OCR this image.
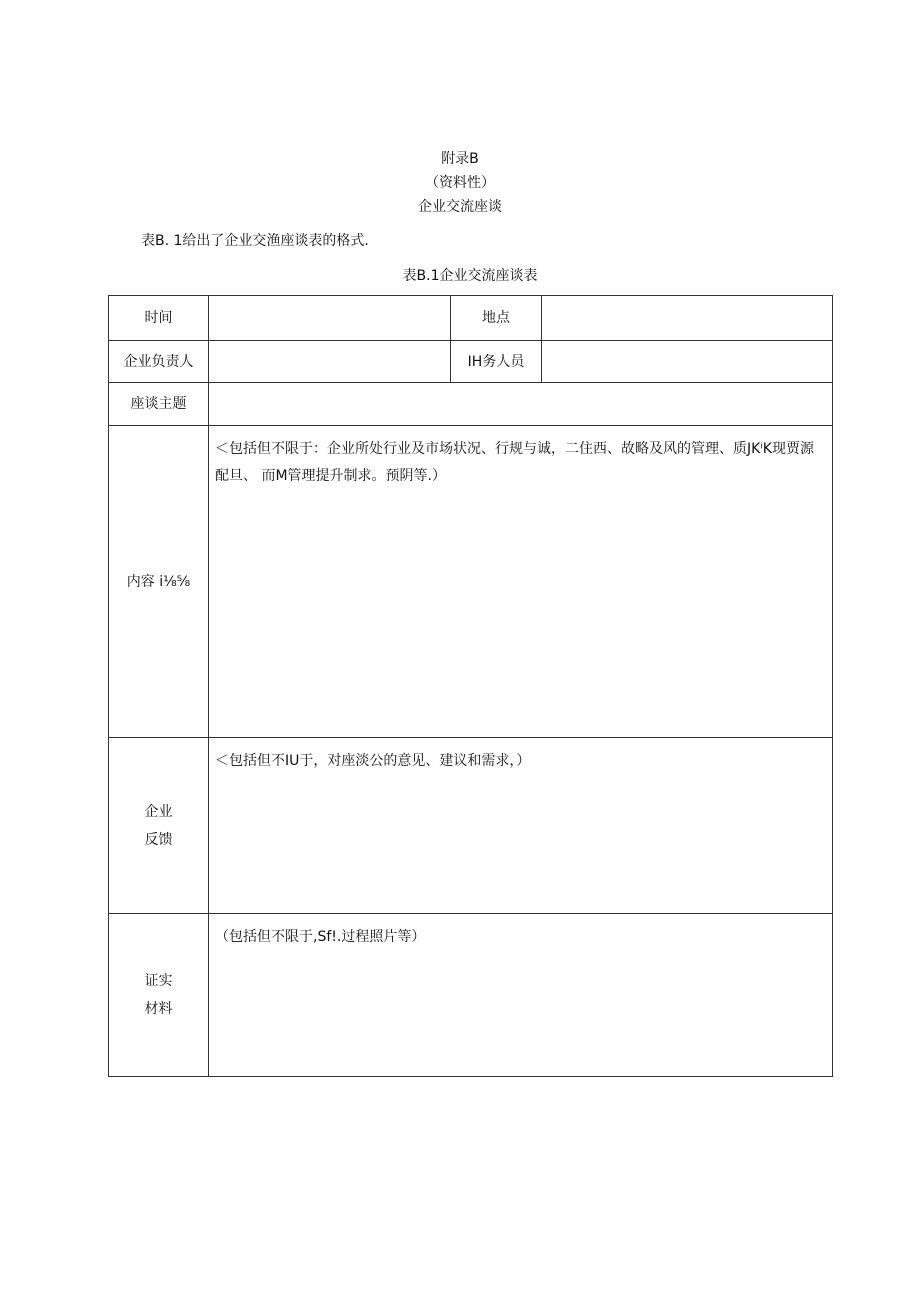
附录B
（资料性）
企业交流座谈
表B. 1给出了企业交渔座谈表的格式.
表B.1企业交流座谈表
时间		地点	
企业负责人		IH务人员	
座谈主题			
内容 i⅛⅝	＜包括但不限于：企业所处行业及市场状况、行规与诚，二住西、故略及风的管理、质JKⁱK现贾源配旦、 而M管理提升制求。预阴等.）		

企业
反馈	＜包括但不IU于，对座淡公的意见、建议和需求，）		

证实
材料	（包括但不限于,Sf!.过程照片等）		
